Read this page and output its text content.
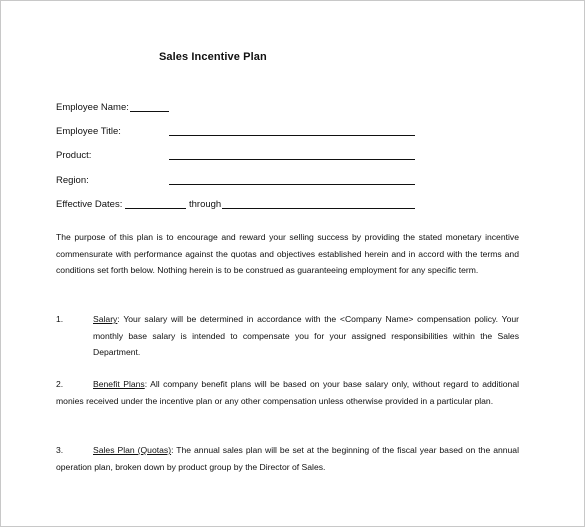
Sales Incentive Plan
Employee Name:
Employee Title:
Product:
Region:
Effective Dates:	through
The purpose of this plan is to encourage and reward your selling success by providing the stated monetary incentive commensurate with performance against the quotas and objectives established herein and in accord with the terms and conditions set forth below. Nothing herein is to be construed as guaranteeing employment for any specific term.
1.	Salary: Your salary will be determined in accordance with the <Company Name> compensation policy. Your monthly base salary is intended to compensate you for your assigned responsibilities within the Sales Department.
2.	Benefit Plans: All company benefit plans will be based on your base salary only, without regard to additional monies received under the incentive plan or any other compensation unless otherwise provided in a particular plan.
3.	Sales Plan (Quotas): The annual sales plan will be set at the beginning of the fiscal year based on the annual operation plan, broken down by product group by the Director of Sales.
